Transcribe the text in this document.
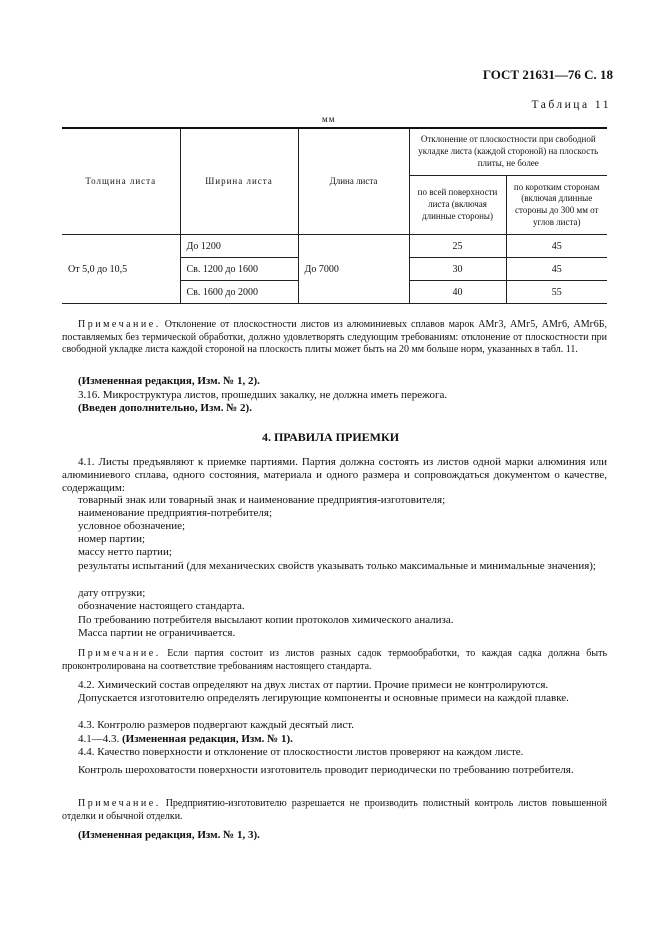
ГОСТ 21631—76 С. 18
Таблица 11
мм
Толщина листа	Ширина листа	Длина листа	Отклонение от плоскостности при свободной укладке листа (каждой стороной) на плоскость плиты, не более	
			по всей поверхности листа (включая длинные стороны)	по коротким сторонам (включая длинные стороны до 300 мм от углов листа)
От 5,0 до 10,5	До 1200	До 7000	25	45
	Св. 1200 до 1600		30	45
	Св. 1600 до 2000		40	55

Примечание. Отклонение от плоскостности листов из алюминиевых сплавов марок АМг3, АМг5, АМг6, АМг6Б, поставляемых без термической обработки, должно удовлетворять следующим требованиям: отклонение от плоскостности при свободной укладке листа каждой стороной на плоскость плиты может быть на 20 мм больше норм, указанных в табл. 11.

(Измененная редакция, Изм. № 1, 2).

3.16. Микроструктура листов, прошедших закалку, не должна иметь пережога.

(Введен дополнительно, Изм. № 2).

4. ПРАВИЛА ПРИЕМКИ

4.1. Листы предъявляют к приемке партиями. Партия должна состоять из листов одной марки алюминия или алюминиевого сплава, одного состояния, материала и одного размера и сопровождаться документом о качестве, содержащим:

товарный знак или товарный знак и наименование предприятия-изготовителя;

наименование предприятия-потребителя;

условное обозначение;

номер партии;

массу нетто партии;

результаты испытаний (для механических свойств указывать только максимальные и минимальные значения);

дату отгрузки;

обозначение настоящего стандарта.

По требованию потребителя высылают копии протоколов химического анализа.

Масса партии не ограничивается.

Примечание. Если партия состоит из листов разных садок термообработки, то каждая садка должна быть проконтролирована на соответствие требованиям настоящего стандарта.

4.2. Химический состав определяют на двух листах от партии. Прочие примеси не контролируются.

Допускается изготовителю определять легирующие компоненты и основные примеси на каждой плавке.

4.3. Контролю размеров подвергают каждый десятый лист.

4.1—4.3. (Измененная редакция, Изм. № 1).

4.4. Качество поверхности и отклонение от плоскостности листов проверяют на каждом листе.

Контроль шероховатости поверхности изготовитель проводит периодически по требованию потребителя.

Примечание. Предприятию-изготовителю разрешается не производить полистный контроль листов повышенной отделки и обычной отделки.

(Измененная редакция, Изм. № 1, 3).
